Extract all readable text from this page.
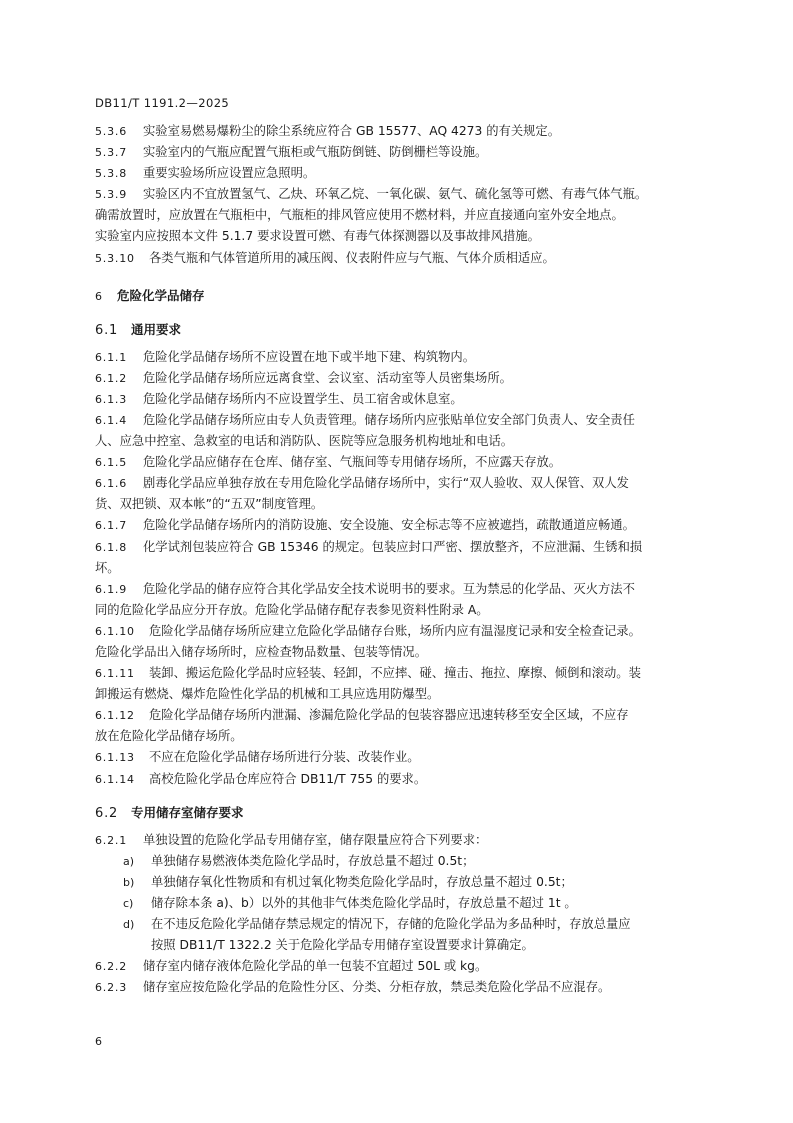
DB11/T 1191.2—2025

5.3.6 实验室易燃易爆粉尘的除尘系统应符合 GB 15577、AQ 4273 的有关规定。

5.3.7 实验室内的气瓶应配置气瓶柜或气瓶防倒链、防倒栅栏等设施。

5.3.8 重要实验场所应设置应急照明。

5.3.9 实验区内不宜放置氢气、乙炔、环氧乙烷、一氧化碳、氨气、硫化氢等可燃、有毒气体气瓶。

确需放置时，应放置在气瓶柜中，气瓶柜的排风管应使用不燃材料，并应直接通向室外安全地点。

实验室内应按照本文件 5.1.7 要求设置可燃、有毒气体探测器以及事故排风措施。

5.3.10 各类气瓶和气体管道所用的减压阀、仪表附件应与气瓶、气体介质相适应。

6 危险化学品储存

6.1 通用要求

6.1.1 危险化学品储存场所不应设置在地下或半地下建、构筑物内。

6.1.2 危险化学品储存场所应远离食堂、会议室、活动室等人员密集场所。

6.1.3 危险化学品储存场所内不应设置学生、员工宿舍或休息室。

6.1.4 危险化学品储存场所应由专人负责管理。储存场所内应张贴单位安全部门负责人、安全责任

人、应急中控室、急救室的电话和消防队、医院等应急服务机构地址和电话。

6.1.5 危险化学品应储存在仓库、储存室、气瓶间等专用储存场所，不应露天存放。

6.1.6 剧毒化学品应单独存放在专用危险化学品储存场所中，实行“双人验收、双人保管、双人发

货、双把锁、双本帐”的“五双”制度管理。

6.1.7 危险化学品储存场所内的消防设施、安全设施、安全标志等不应被遮挡，疏散通道应畅通。

6.1.8 化学试剂包装应符合 GB 15346 的规定。包装应封口严密、摆放整齐，不应泄漏、生锈和损

坏。

6.1.9 危险化学品的储存应符合其化学品安全技术说明书的要求。互为禁忌的化学品、灭火方法不

同的危险化学品应分开存放。危险化学品储存配存表参见资料性附录 A。

6.1.10 危险化学品储存场所应建立危险化学品储存台账，场所内应有温湿度记录和安全检查记录。

危险化学品出入储存场所时，应检查物品数量、包装等情况。

6.1.11 装卸、搬运危险化学品时应轻装、轻卸，不应摔、碰、撞击、拖拉、摩擦、倾倒和滚动。装

卸搬运有燃烧、爆炸危险性化学品的机械和工具应选用防爆型。

6.1.12 危险化学品储存场所内泄漏、渗漏危险化学品的包装容器应迅速转移至安全区域，不应存

放在危险化学品储存场所。

6.1.13 不应在危险化学品储存场所进行分装、改装作业。

6.1.14 高校危险化学品仓库应符合 DB11/T 755 的要求。

6.2 专用储存室储存要求

6.2.1 单独设置的危险化学品专用储存室，储存限量应符合下列要求：

a) 单独储存易燃液体类危险化学品时，存放总量不超过 0.5t；

b) 单独储存氧化性物质和有机过氧化物类危险化学品时，存放总量不超过 0.5t；

c) 储存除本条 a)、b）以外的其他非气体类危险化学品时，存放总量不超过 1t 。

d) 在不违反危险化学品储存禁忌规定的情况下，存储的危险化学品为多品种时，存放总量应

按照 DB11/T 1322.2 关于危险化学品专用储存室设置要求计算确定。

6.2.2 储存室内储存液体危险化学品的单一包装不宜超过 50L 或 kg。

6.2.3 储存室应按危险化学品的危险性分区、分类、分柜存放，禁忌类危险化学品不应混存。

6
